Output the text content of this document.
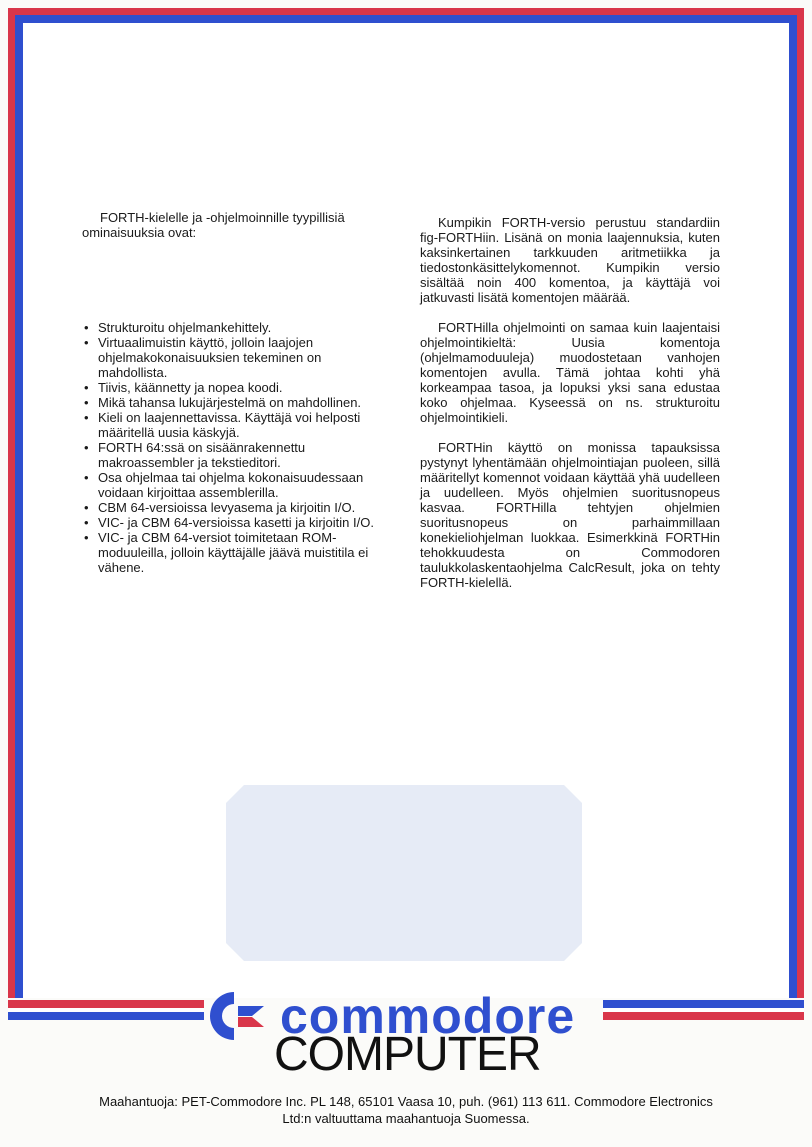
FORTH-kielelle ja -ohjelmoinnille tyypillisiä ominaisuuksia ovat:

• Strukturoitu ohjelmankehittely.
• Virtuaalimuistin käyttö, jolloin laajojen ohjelmakokonaisuuksien tekeminen on mahdollista.
• Tiivis, käännetty ja nopea koodi.
• Mikä tahansa lukujärjestelmä on mahdollinen.
• Kieli on laajennettavissa. Käyttäjä voi helposti määritellä uusia käskyjä.
• FORTH 64:ssä on sisäänrakennettu makroassembler ja tekstieditori.
• Osa ohjelmaa tai ohjelma kokonaisuudessaan voidaan kirjoittaa assemblerilla.
• CBM 64-versioissa levyasema ja kirjoitin I/O.
• VIC- ja CBM 64-versioissa kasetti ja kirjoitin I/O.
• VIC- ja CBM 64-versiot toimitetaan ROM-moduuleilla, jolloin käyttäjälle jäävä muistitila ei vähene.

Kumpikin FORTH-versio perustuu standardiin fig-FORTHiin. Lisänä on monia laajennuksia, kuten kaksinkertainen tarkkuuden aritmetiikka ja tiedostonkäsittelykomennot. Kumpikin versio sisältää noin 400 komentoa, ja käyttäjä voi jatkuvasti lisätä komentojen määrää.

FORTHilla ohjelmointi on samaa kuin laajentaisi ohjelmointikieltä: Uusia komentoja (ohjelmamoduuleja) muodostetaan vanhojen komentojen avulla. Tämä johtaa kohti yhä korkeampaa tasoa, ja lopuksi yksi sana edustaa koko ohjelmaa. Kyseessä on ns. strukturoitu ohjelmointikieli.

FORTHin käyttö on monissa tapauksissa pystynyt lyhentämään ohjelmointiajan puoleen, sillä määritellyt komennot voidaan käyttää yhä uudelleen ja uudelleen. Myös ohjelmien suoritusnopeus kasvaa. FORTHilla tehtyjen ohjelmien suoritusnopeus on parhaimmillaan konekieliohjelman luokkaa. Esimerkkinä FORTHin tehokkuudesta on Commodoren taulukkolaskentaohjelma CalcResult, joka on tehty FORTH-kielellä.

commodore
COMPUTER
Maahantuoja: PET-Commodore Inc. PL 148, 65101 Vaasa 10, puh. (961) 113 611. Commodore Electronics
Ltd:n valtuuttama maahantuoja Suomessa.
